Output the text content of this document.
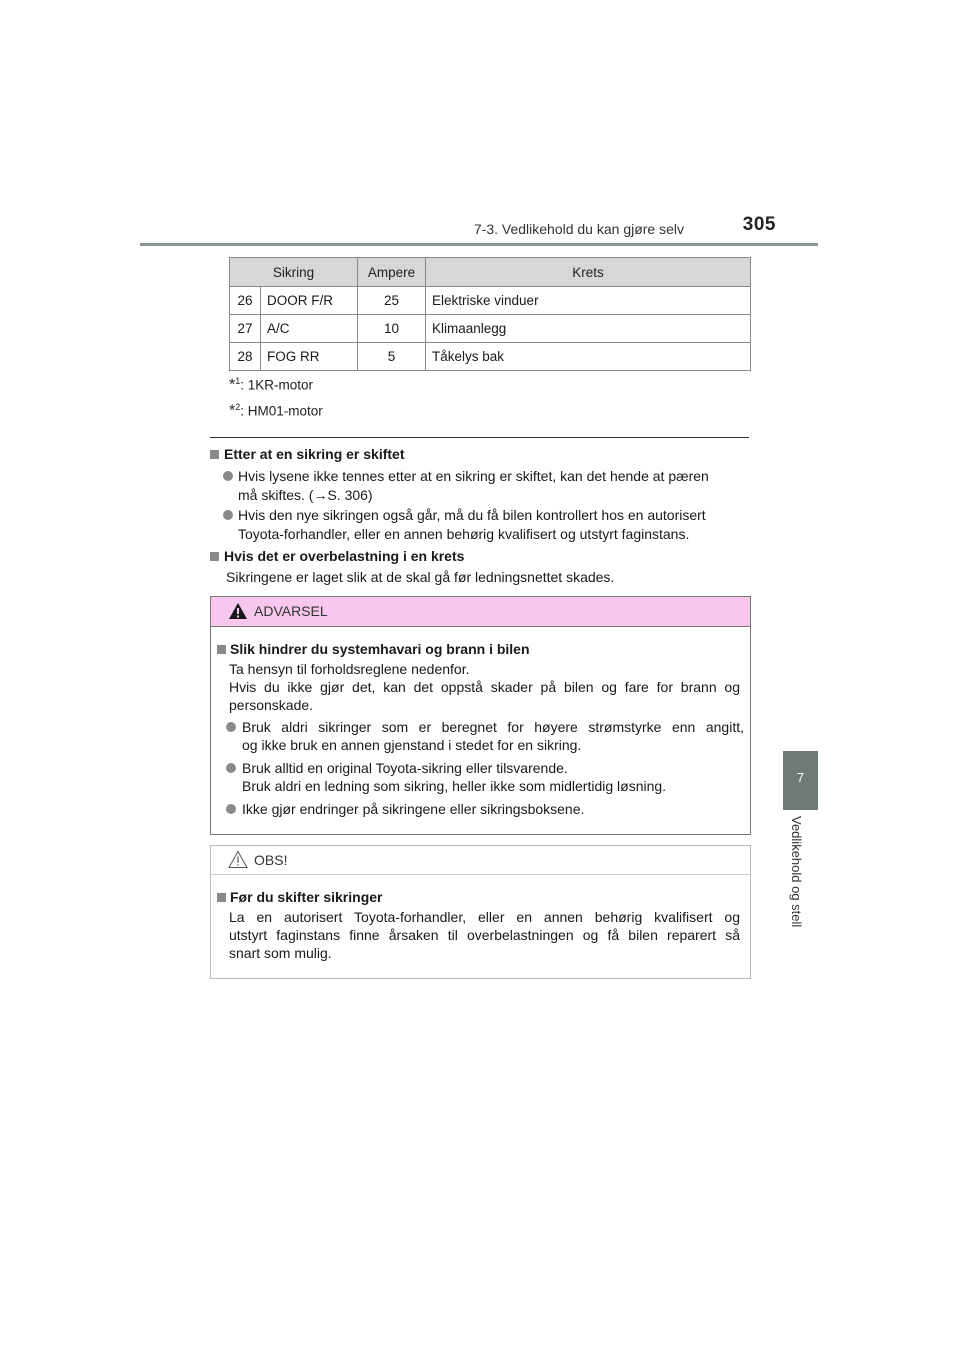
7-3. Vedlikehold du kan gjøre selv	305
7
Vedlikehold og stell
Sikring		Ampere	Krets
26	DOOR F/R	25	Elektriske vinduer
27	A/C	10	Klimaanlegg
28	FOG RR	5	Tåkelys bak
*$^1$: 1KR-motor
*$^2$: HM01-motor
Etter at en sikring er skiftet
Hvis lysene ikke tennes etter at en sikring er skiftet, kan det hende at pæren
må skiftes. (→S. 306)
Hvis den nye sikringen også går, må du få bilen kontrollert hos en autorisert
Toyota-forhandler, eller en annen behørig kvalifisert og utstyrt faginstans.
Hvis det er overbelastning i en krets
Sikringene er laget slik at de skal gå før ledningsnettet skades.
ADVARSEL
Slik hindrer du systemhavari og brann i bilen
Ta hensyn til forholdsreglene nedenfor.
Hvis du ikke gjør det, kan det oppstå skader på bilen og fare for brann og
personskade.
Bruk aldri sikringer som er beregnet for høyere strømstyrke enn angitt,
og ikke bruk en annen gjenstand i stedet for en sikring.
Bruk alltid en original Toyota-sikring eller tilsvarende.
Bruk aldri en ledning som sikring, heller ikke som midlertidig løsning.
Ikke gjør endringer på sikringene eller sikringsboksene.
OBS!
Før du skifter sikringer
La en autorisert Toyota-forhandler, eller en annen behørig kvalifisert og
utstyrt faginstans finne årsaken til overbelastningen og få bilen reparert så
snart som mulig.
